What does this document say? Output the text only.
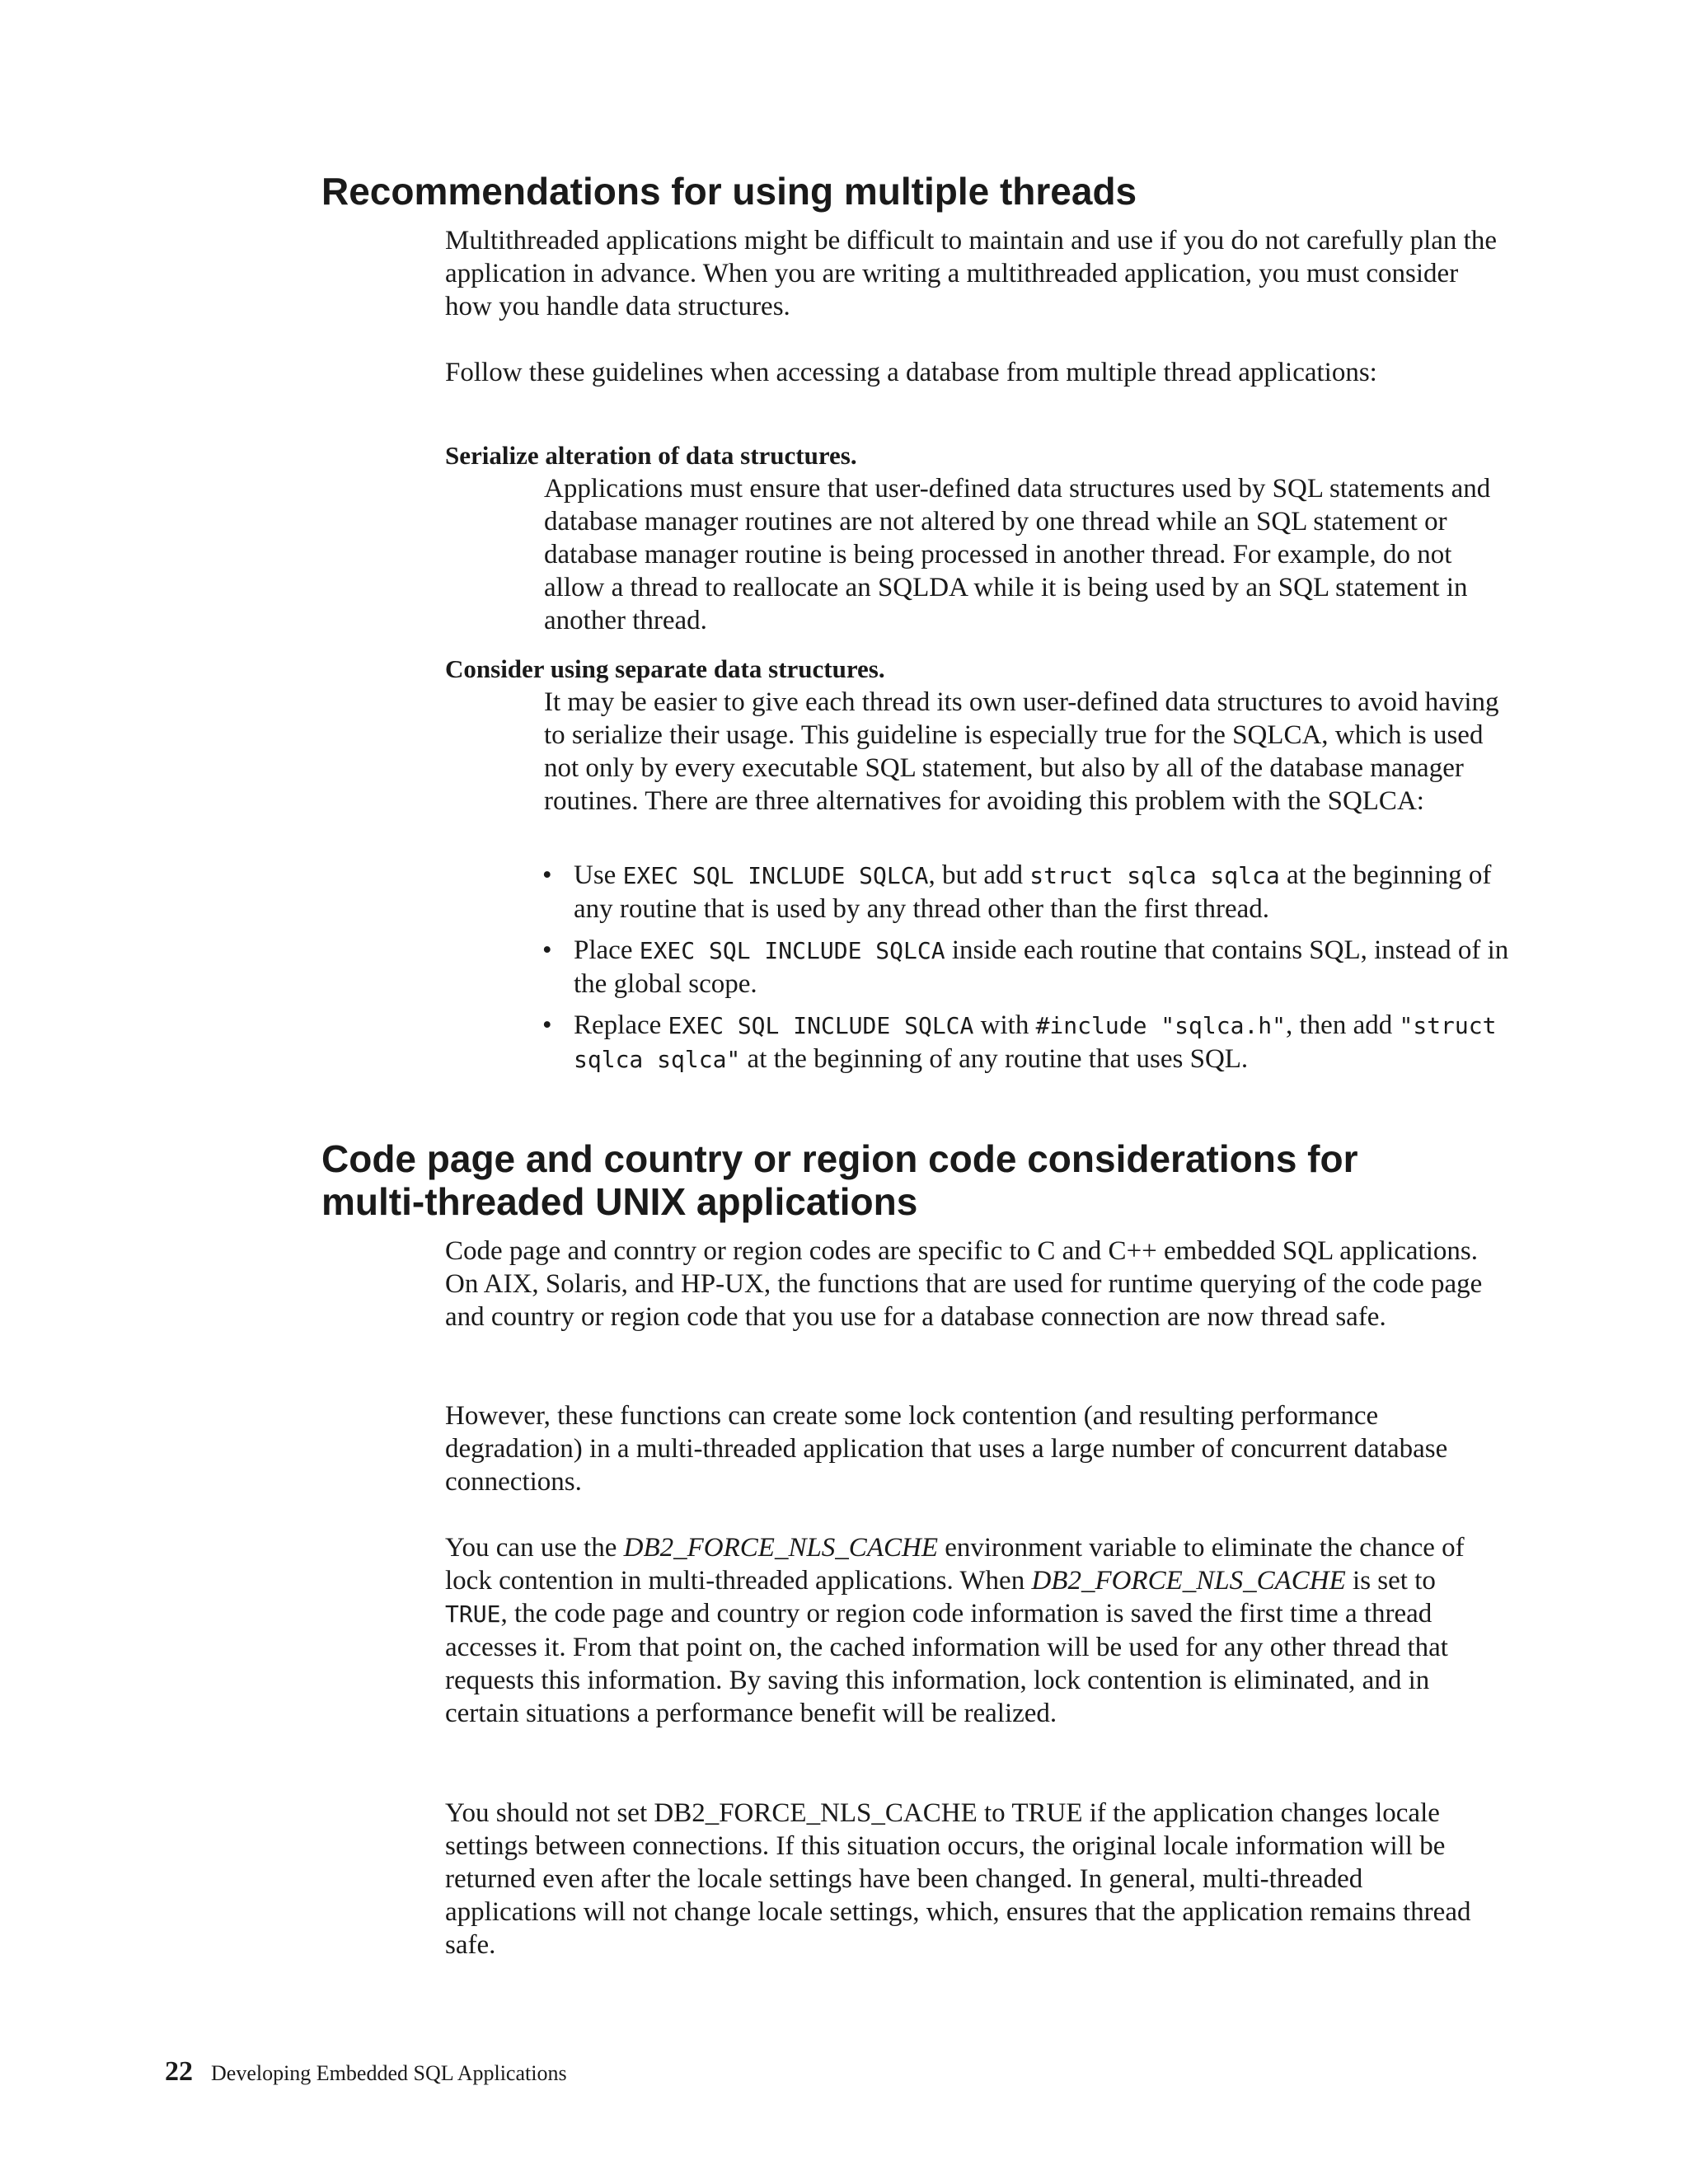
Recommendations for using multiple threads

Multithreaded applications might be difficult to maintain and use if you do not carefully plan the application in advance. When you are writing a multithreaded application, you must consider how you handle data structures.

Follow these guidelines when accessing a database from multiple thread applications:

Serialize alteration of data structures.

Applications must ensure that user-defined data structures used by SQL statements and database manager routines are not altered by one thread while an SQL statement or database manager routine is being processed in another thread. For example, do not allow a thread to reallocate an SQLDA while it is being used by an SQL statement in another thread.

Consider using separate data structures.

It may be easier to give each thread its own user-defined data structures to avoid having to serialize their usage. This guideline is especially true for the SQLCA, which is used not only by every executable SQL statement, but also by all of the database manager routines. There are three alternatives for avoiding this problem with the SQLCA:

• Use EXEC SQL INCLUDE SQLCA, but add struct sqlca sqlca at the beginning of any routine that is used by any thread other than the first thread.
• Place EXEC SQL INCLUDE SQLCA inside each routine that contains SQL, instead of in the global scope.
• Replace EXEC SQL INCLUDE SQLCA with #include "sqlca.h", then add "struct sqlca sqlca" at the beginning of any routine that uses SQL.
Code page and country or region code considerations for
multi-threaded UNIX applications

Code page and conntry or region codes are specific to C and C++ embedded SQL applications. On AIX, Solaris, and HP-UX, the functions that are used for runtime querying of the code page and country or region code that you use for a database connection are now thread safe.

However, these functions can create some lock contention (and resulting performance degradation) in a multi-threaded application that uses a large number of concurrent database connections.

You can use the DB2_FORCE_NLS_CACHE environment variable to eliminate the chance of lock contention in multi-threaded applications. When DB2_FORCE_NLS_CACHE is set to TRUE, the code page and country or region code information is saved the first time a thread accesses it. From that point on, the cached information will be used for any other thread that requests this information. By saving this information, lock contention is eliminated, and in certain situations a performance benefit will be realized.

You should not set DB2_FORCE_NLS_CACHE to TRUE if the application changes locale settings between connections. If this situation occurs, the original locale information will be returned even after the locale settings have been changed. In general, multi-threaded applications will not change locale settings, which, ensures that the application remains thread safe.

22 Developing Embedded SQL Applications
